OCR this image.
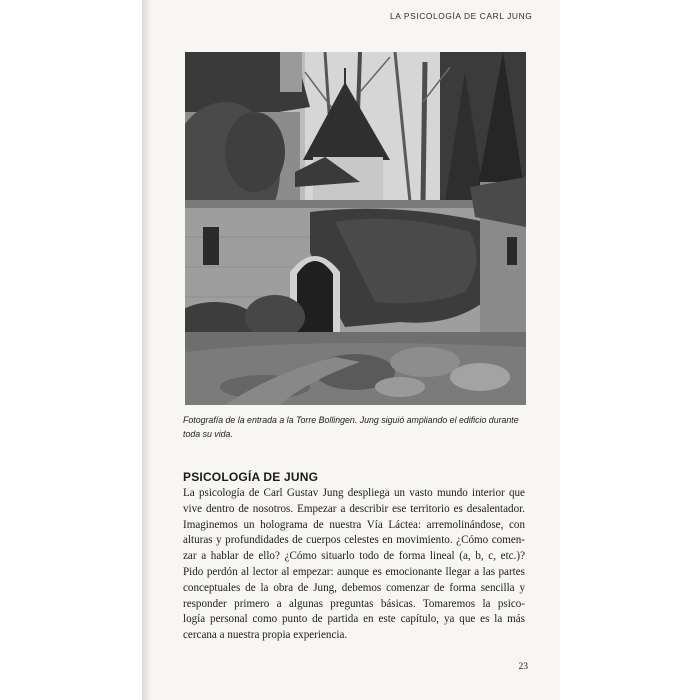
LA PSICOLOGÍA DE CARL JUNG
Fotografía de la entrada a la Torre Bollingen. Jung siguió ampliando el edificio durante toda su vida.
PSICOLOGÍA DE JUNG
La psicología de Carl Gustav Jung despliega un vasto mundo interior que
vive dentro de nosotros. Empezar a describir ese territorio es desalentador.
Imaginemos un holograma de nuestra Vía Láctea: arremolinándose, con
alturas y profundidades de cuerpos celestes en movimiento. ¿Cómo comen-
zar a hablar de ello? ¿Cómo situarlo todo de forma lineal (a, b, c, etc.)?
Pido perdón al lector al empezar: aunque es emocionante llegar a las partes
conceptuales de la obra de Jung, debemos comenzar de forma sencilla y
responder primero a algunas preguntas básicas. Tomaremos la psico-
logía personal como punto de partida en este capítulo, ya que es la más
cercana a nuestra propia experiencia.
23
